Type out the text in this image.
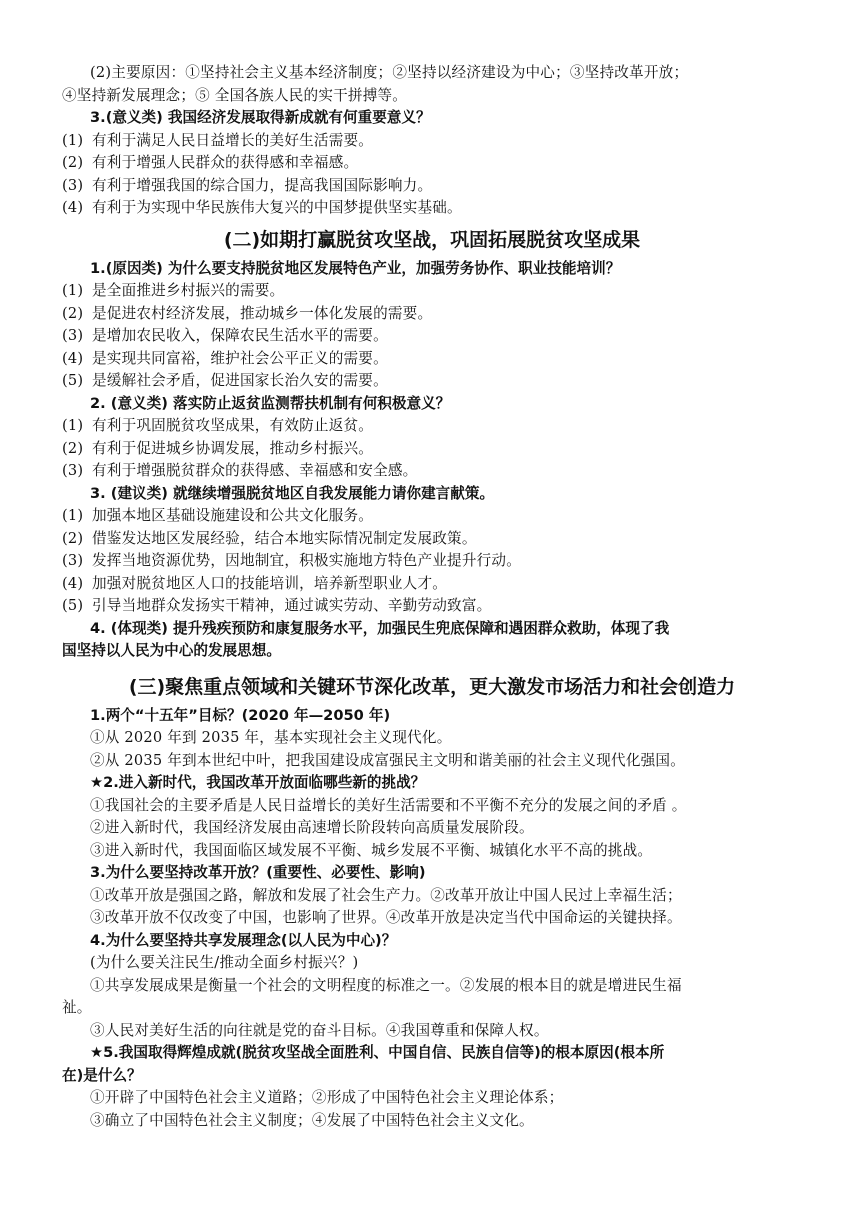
(2)主要原因：①坚持社会主义基本经济制度；②坚持以经济建设为中心；③坚持改革开放；
④坚持新发展理念；⑤ 全国各族人民的实干拼搏等。
3.(意义类) 我国经济发展取得新成就有何重要意义？
(1) 有利于满足人民日益增长的美好生活需要。
(2) 有利于增强人民群众的获得感和幸福感。
(3) 有利于增强我国的综合国力，提高我国国际影响力。
(4) 有利于为实现中华民族伟大复兴的中国梦提供坚实基础。
(二)如期打赢脱贫攻坚战，巩固拓展脱贫攻坚成果
1.(原因类) 为什么要支持脱贫地区发展特色产业，加强劳务协作、职业技能培训？
(1) 是全面推进乡村振兴的需要。
(2) 是促进农村经济发展，推动城乡一体化发展的需要。
(3) 是增加农民收入，保障农民生活水平的需要。
(4) 是实现共同富裕，维护社会公平正义的需要。
(5) 是缓解社会矛盾，促进国家长治久安的需要。
2. (意义类) 落实防止返贫监测帮扶机制有何积极意义？
(1) 有利于巩固脱贫攻坚成果，有效防止返贫。
(2) 有利于促进城乡协调发展，推动乡村振兴。
(3) 有利于增强脱贫群众的获得感、幸福感和安全感。
3. (建议类) 就继续增强脱贫地区自我发展能力请你建言献策。
(1) 加强本地区基础设施建设和公共文化服务。
(2) 借鉴发达地区发展经验，结合本地实际情况制定发展政策。
(3) 发挥当地资源优势，因地制宜，积极实施地方特色产业提升行动。
(4) 加强对脱贫地区人口的技能培训，培养新型职业人才。
(5) 引导当地群众发扬实干精神，通过诚实劳动、辛勤劳动致富。
4. (体现类) 提升残疾预防和康复服务水平，加强民生兜底保障和遇困群众救助，体现了我
国坚持以人民为中心的发展思想。
(三)聚焦重点领域和关键环节深化改革，更大激发市场活力和社会创造力
1.两个“十五年”目标？(2020 年—2050 年)
①从 2020 年到 2035 年，基本实现社会主义现代化。
②从 2035 年到本世纪中叶，把我国建设成富强民主文明和谐美丽的社会主义现代化强国。
★2.进入新时代，我国改革开放面临哪些新的挑战？
①我国社会的主要矛盾是人民日益增长的美好生活需要和不平衡不充分的发展之间的矛盾 。
②进入新时代，我国经济发展由高速增长阶段转向高质量发展阶段。
③进入新时代，我国面临区域发展不平衡、城乡发展不平衡、城镇化水平不高的挑战。
3.为什么要坚持改革开放？(重要性、必要性、影响)
①改革开放是强国之路，解放和发展了社会生产力。②改革开放让中国人民过上幸福生活；
③改革开放不仅改变了中国，也影响了世界。④改革开放是决定当代中国命运的关键抉择。
4.为什么要坚持共享发展理念(以人民为中心)？
(为什么要关注民生/推动全面乡村振兴？)
①共享发展成果是衡量一个社会的文明程度的标准之一。②发展的根本目的就是增进民生福
祉。
③人民对美好生活的向往就是党的奋斗目标。④我国尊重和保障人权。
★5.我国取得辉煌成就(脱贫攻坚战全面胜利、中国自信、民族自信等)的根本原因(根本所
在)是什么？
①开辟了中国特色社会主义道路；②形成了中国特色社会主义理论体系；
③确立了中国特色社会主义制度；④发展了中国特色社会主义文化。
